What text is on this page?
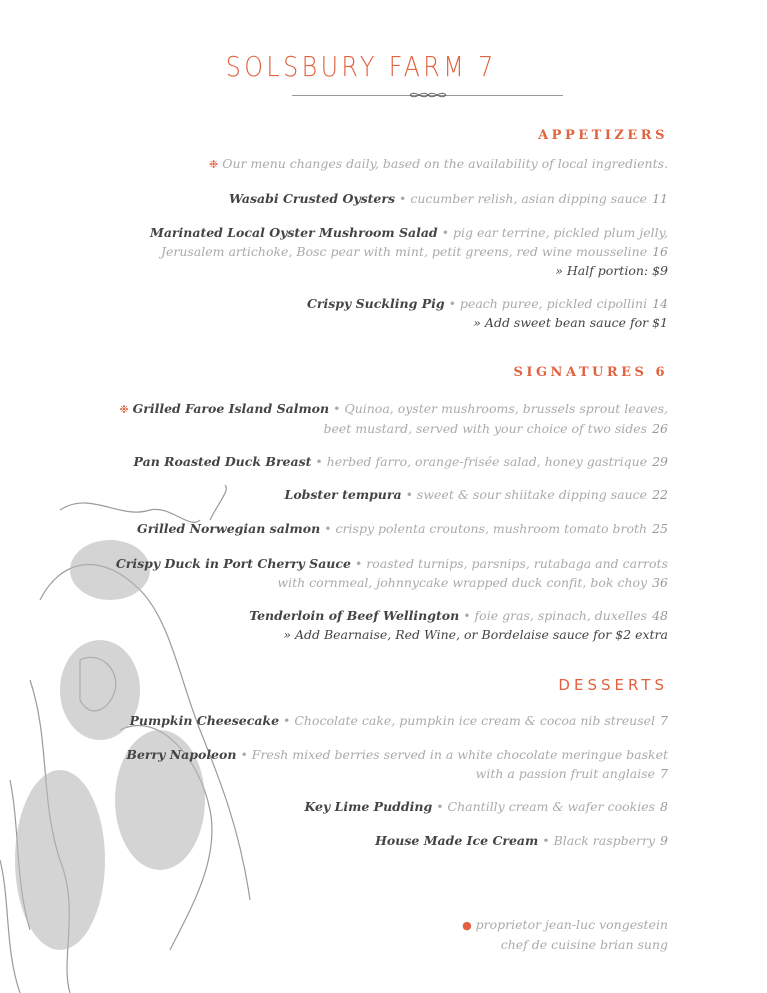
SOLSBURY FARM 7
APPETIZERS
❉ Our menu changes daily, based on the availability of local ingredients.
Wasabi Crusted Oysters • cucumber relish, asian dipping sauce 11
Marinated Local Oyster Mushroom Salad • pig ear terrine, pickled plum jelly,
Jerusalem artichoke, Bosc pear with mint, petit greens, red wine mousseline 16
» Half portion: $9
Crispy Suckling Pig • peach puree, pickled cipollini 14
» Add sweet bean sauce for $1
SIGNATURES 6
❉ Grilled Faroe Island Salmon • Quinoa, oyster mushrooms, brussels sprout leaves,
beet mustard, served with your choice of two sides 26
Pan Roasted Duck Breast • herbed farro, orange-frisée salad, honey gastrique 29
Lobster tempura • sweet & sour shiitake dipping sauce 22
Grilled Norwegian salmon • crispy polenta croutons, mushroom tomato broth 25
Crispy Duck in Port Cherry Sauce • roasted turnips, parsnips, rutabaga and carrots
with cornmeal, johnnycake wrapped duck confit, bok choy 36
Tenderloin of Beef Wellington • foie gras, spinach, duxelles 48
» Add Bearnaise, Red Wine, or Bordelaise sauce for $2 extra
DESSERTS
Pumpkin Cheesecake • Chocolate cake, pumpkin ice cream & cocoa nib streusel 7
Berry Napoleon • Fresh mixed berries served in a white chocolate meringue basket
with a passion fruit anglaise 7
Key Lime Pudding • Chantilly cream & wafer cookies 8
House Made Ice Cream • Black raspberry 9
● proprietor jean-luc vongestein
chef de cuisine brian sung
